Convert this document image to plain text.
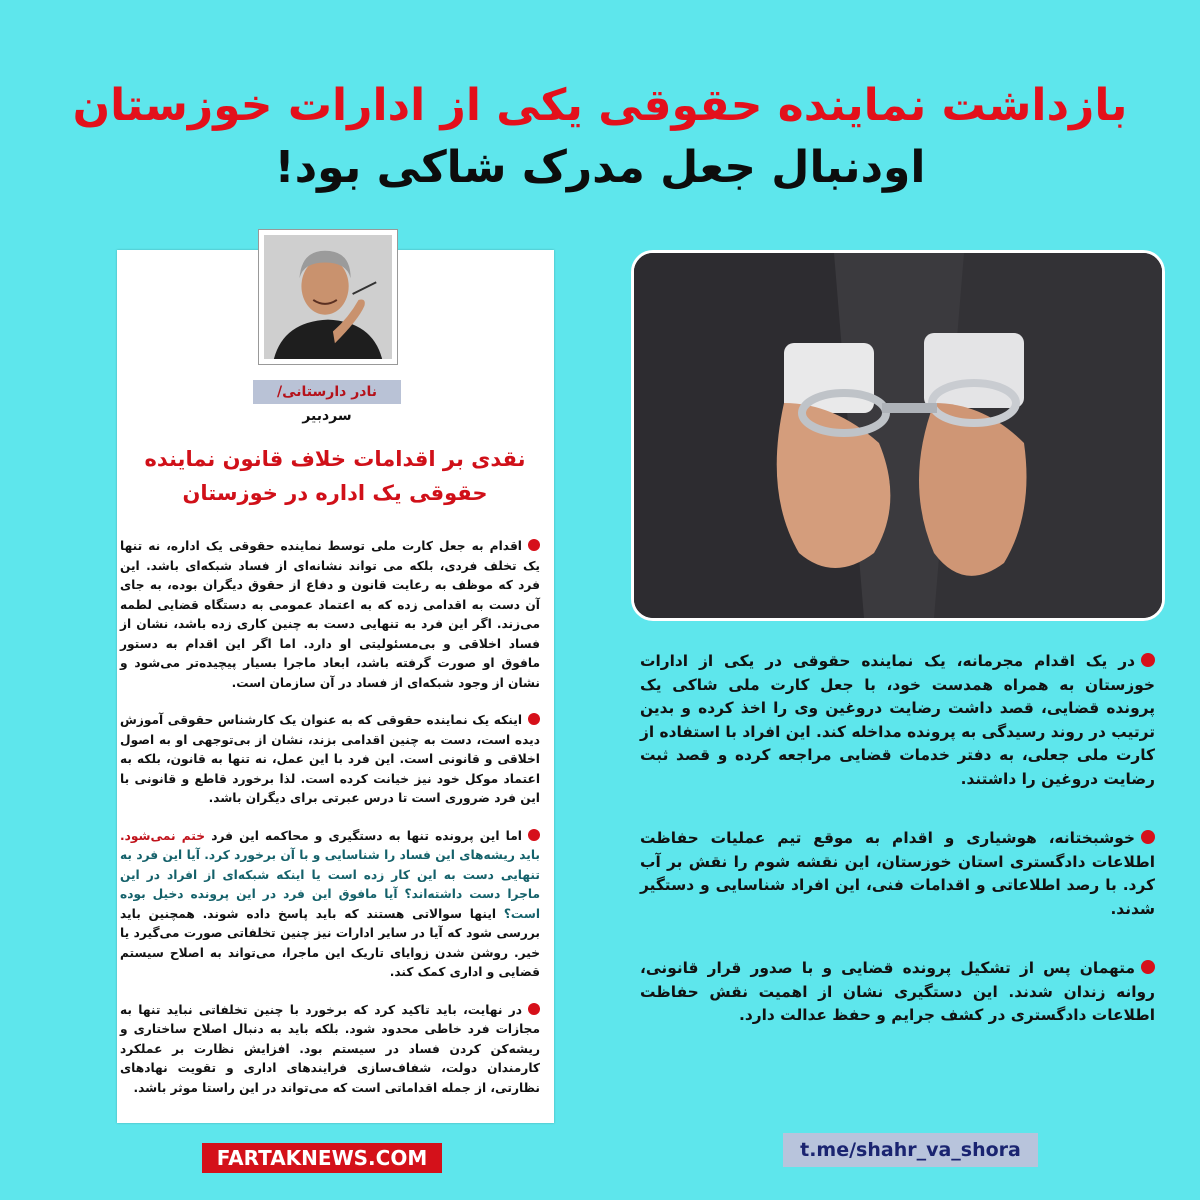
بازداشت نماینده حقوقی یکی از ادارات خوزستان
اودنبال جعل مدرک شاکی بود!
نادر دارستانی/ سردبیر
نقدی بر اقدامات خلاف قانون نماینده
حقوقی یک اداره در خوزستان

اقدام به جعل کارت ملی توسط نماینده حقوقی یک اداره، نه تنها یک تخلف فردی، بلکه می تواند نشانه‌ای از فساد شبکه‌ای باشد. این فرد که موظف به رعایت قانون و دفاع از حقوق دیگران بوده، به جای آن دست به اقدامی زده که به اعتماد عمومی به دستگاه قضایی لطمه می‌زند. اگر این فرد به تنهایی دست به چنین کاری زده باشد، نشان از فساد اخلاقی و بی‌مسئولیتی او دارد. اما اگر این اقدام به دستور مافوق او صورت گرفته باشد، ابعاد ماجرا بسیار پیچیده‌تر می‌شود و نشان از وجود شبکه‌ای از فساد در آن سازمان است.

اینکه یک نماینده حقوقی که به عنوان یک کارشناس حقوقی آموزش دیده است، دست به چنین اقدامی بزند، نشان از بی‌توجهی او به اصول اخلاقی و قانونی است. این فرد با این عمل، نه تنها به قانون، بلکه به اعتماد موکل خود نیز خیانت کرده است. لذا برخورد قاطع و قانونی با این فرد ضروری است تا درس عبرتی برای دیگران باشد.

اما این پرونده تنها به دستگیری و محاکمه این فرد ختم نمی‌شود. باید ریشه‌های این فساد را شناسایی و با آن برخورد کرد. آیا این فرد به تنهایی دست به این کار زده است یا اینکه شبکه‌ای از افراد در این ماجرا دست داشته‌اند؟ آیا مافوق این فرد در این پرونده دخیل بوده است؟ اینها سوالاتی هستند که باید پاسخ داده شوند. همچنین باید بررسی شود که آیا در سایر ادارات نیز چنین تخلفاتی صورت می‌گیرد یا خیر. روشن شدن زوایای تاریک این ماجرا، می‌تواند به اصلاح سیستم قضایی و اداری کمک کند.

در نهایت، باید تاکید کرد که برخورد با چنین تخلفاتی نباید تنها به مجازات فرد خاطی محدود شود. بلکه باید به دنبال اصلاح ساختاری و ریشه‌کن کردن فساد در سیستم بود. افزایش نظارت بر عملکرد کارمندان دولت، شفاف‌سازی فرایندهای اداری و تقویت نهادهای نظارتی، از جمله اقداماتی است که می‌تواند در این راستا موثر باشد.

در یک اقدام مجرمانه، یک نماینده حقوقی در یکی از ادارات خوزستان به همراه همدست خود، با جعل کارت ملی شاکی یک پرونده قضایی، قصد داشت رضایت دروغین وی را اخذ کرده و بدین ترتیب در روند رسیدگی به پرونده مداخله کند. این افراد با استفاده از کارت ملی جعلی، به دفتر خدمات قضایی مراجعه کرده و قصد ثبت رضایت دروغین را داشتند.

خوشبختانه، هوشیاری و اقدام به موقع تیم عملیات حفاظت اطلاعات دادگستری استان خوزستان، این نقشه شوم را نقش بر آب کرد. با رصد اطلاعاتی و اقدامات فنی، این افراد شناسایی و دستگیر شدند.

متهمان پس از تشکیل پرونده قضایی و با صدور قرار قانونی، روانه زندان شدند. این دستگیری نشان از اهمیت نقش حفاظت اطلاعات دادگستری در کشف جرایم و حفظ عدالت دارد.

FARTAKNEWS.COM	t.me/shahr_va_shora
